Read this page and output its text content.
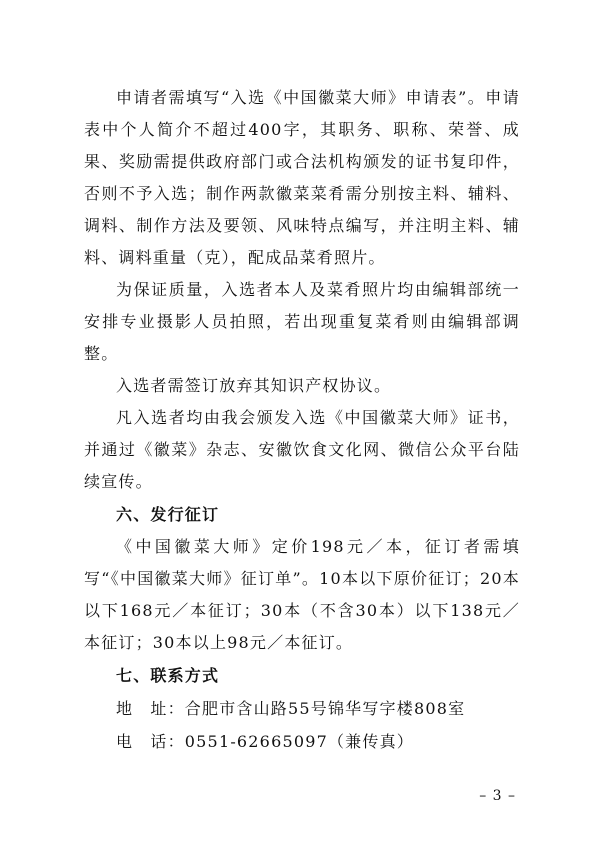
申请者需填写“入选《中国徽菜大师》申请表”。申请表中个人简介不超过400字，其职务、职称、荣誉、成果、奖励需提供政府部门或合法机构颁发的证书复印件，否则不予入选；制作两款徽菜菜肴需分别按主料、辅料、调料、制作方法及要领、风味特点编写，并注明主料、辅料、调料重量（克），配成品菜肴照片。

为保证质量，入选者本人及菜肴照片均由编辑部统一安排专业摄影人员拍照，若出现重复菜肴则由编辑部调整。

入选者需签订放弃其知识产权协议。

凡入选者均由我会颁发入选《中国徽菜大师》证书，并通过《徽菜》杂志、安徽饮食文化网、微信公众平台陆续宣传。

六、发行征订

《中国徽菜大师》定价198元／本，征订者需填写“《中国徽菜大师》征订单”。10本以下原价征订；20本以下168元／本征订；30本（不含30本）以下138元／本征订；30本以上98元／本征订。

七、联系方式

地　址：合肥市含山路55号锦华写字楼808室

电　话：0551-62665097（兼传真）

– 3 –
